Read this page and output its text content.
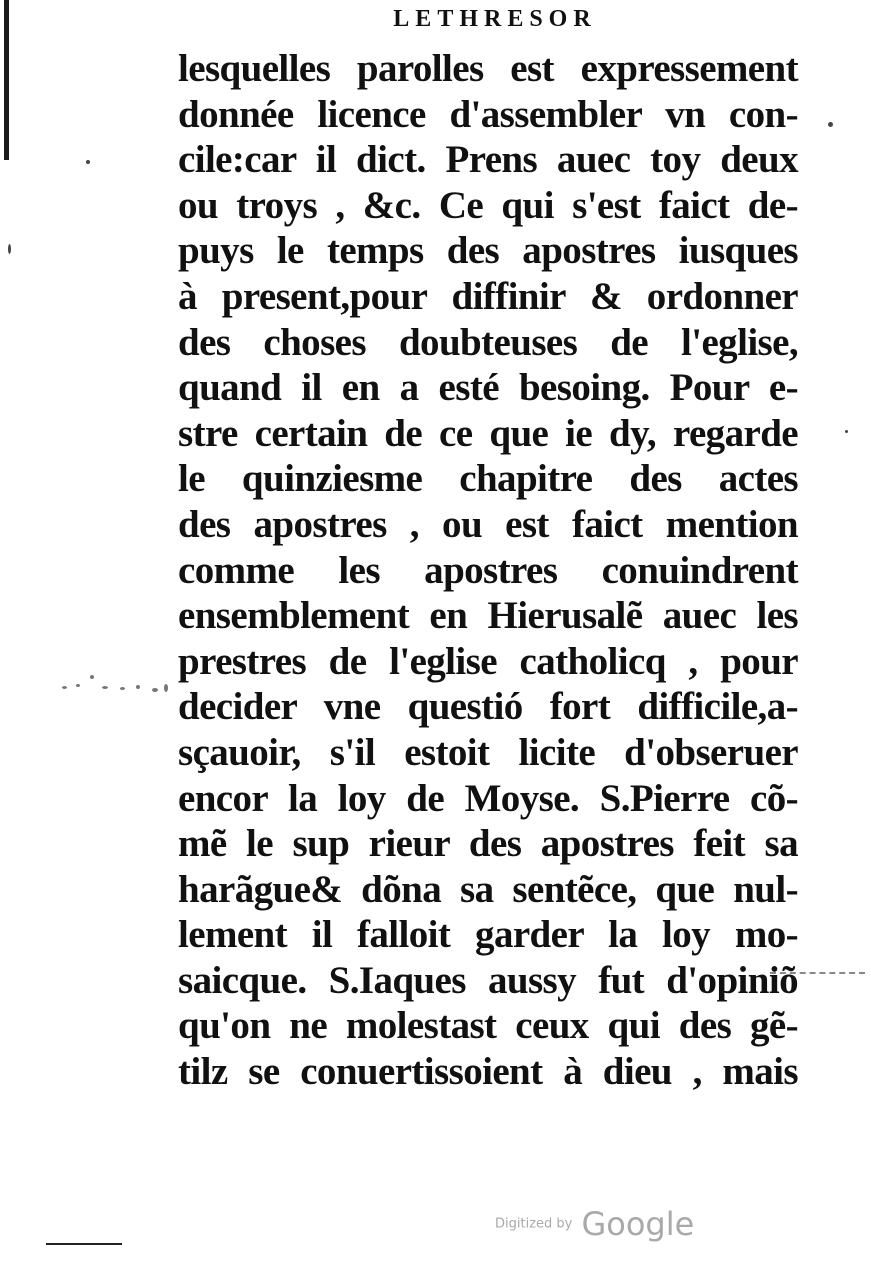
LETHRESOR
lesquelles parolles est expressement
donnée licence d'assembler vn con-
cile:car il dict. Prens auec toy deux
ou troys , &c. Ce qui s'est faict de-
puys le temps des apostres iusques
à present,pour diffinir & ordonner
des choses doubteuses de l'eglise,
quand il en a esté besoing. Pour e-
stre certain de ce que ie dy, regarde
le quinziesme chapitre des actes
des apostres , ou est faict mention
comme les apostres conuindrent
ensemblement en Hierusalẽ auec les
prestres de l'eglise catholicq , pour
decider vne questió fort difficile,a-
sçauoir, s'il estoit licite d'obseruer
encor la loy de Moyse. S.Pierre cõ-
mẽ le sup rieur des apostres feit sa
harãgue& dõna sa sentẽce, que nul-
lement il falloit garder la loy mo-
saicque. S.Iaques aussy fut d'opiniõ
qu'on ne molestast ceux qui des gẽ-
tilz se conuertissoient à dieu , mais
Digitized by Google
